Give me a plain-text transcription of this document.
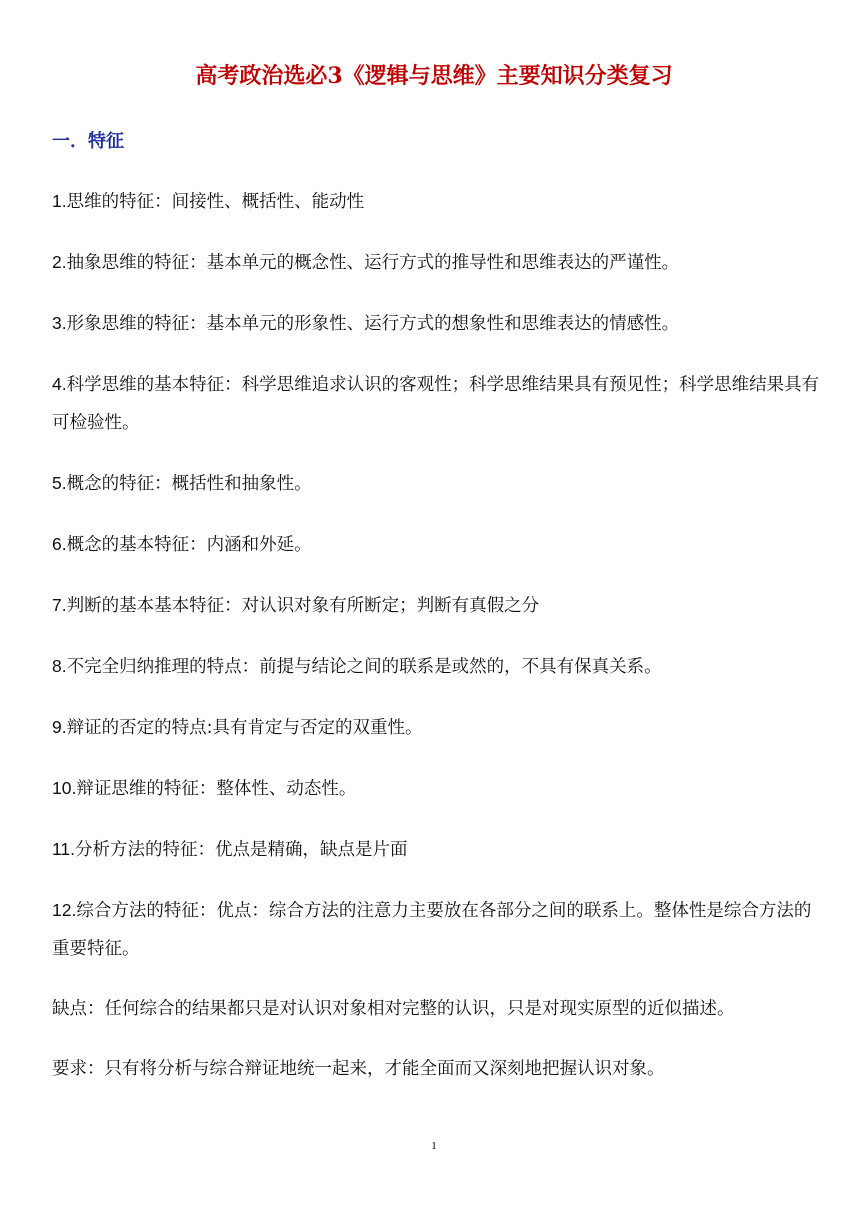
高考政治选必3《逻辑与思维》主要知识分类复习
一．特征

1.思维的特征：间接性、概括性、能动性

2.抽象思维的特征：基本单元的概念性、运行方式的推导性和思维表达的严谨性。

3.形象思维的特征：基本单元的形象性、运行方式的想象性和思维表达的情感性。

4.科学思维的基本特征：科学思维追求认识的客观性；科学思维结果具有预见性；科学思维结果具有可检验性。

5.概念的特征：概括性和抽象性。

6.概念的基本特征：内涵和外延。

7.判断的基本基本特征：对认识对象有所断定；判断有真假之分

8.不完全归纳推理的特点：前提与结论之间的联系是或然的，不具有保真关系。

9.辩证的否定的特点:具有肯定与否定的双重性。

10.辩证思维的特征：整体性、动态性。

11.分析方法的特征：优点是精确，缺点是片面

12.综合方法的特征：优点：综合方法的注意力主要放在各部分之间的联系上。整体性是综合方法的重要特征。

缺点：任何综合的结果都只是对认识对象相对完整的认识，只是对现实原型的近似描述。

要求：只有将分析与综合辩证地统一起来，才能全面而又深刻地把握认识对象。

1
